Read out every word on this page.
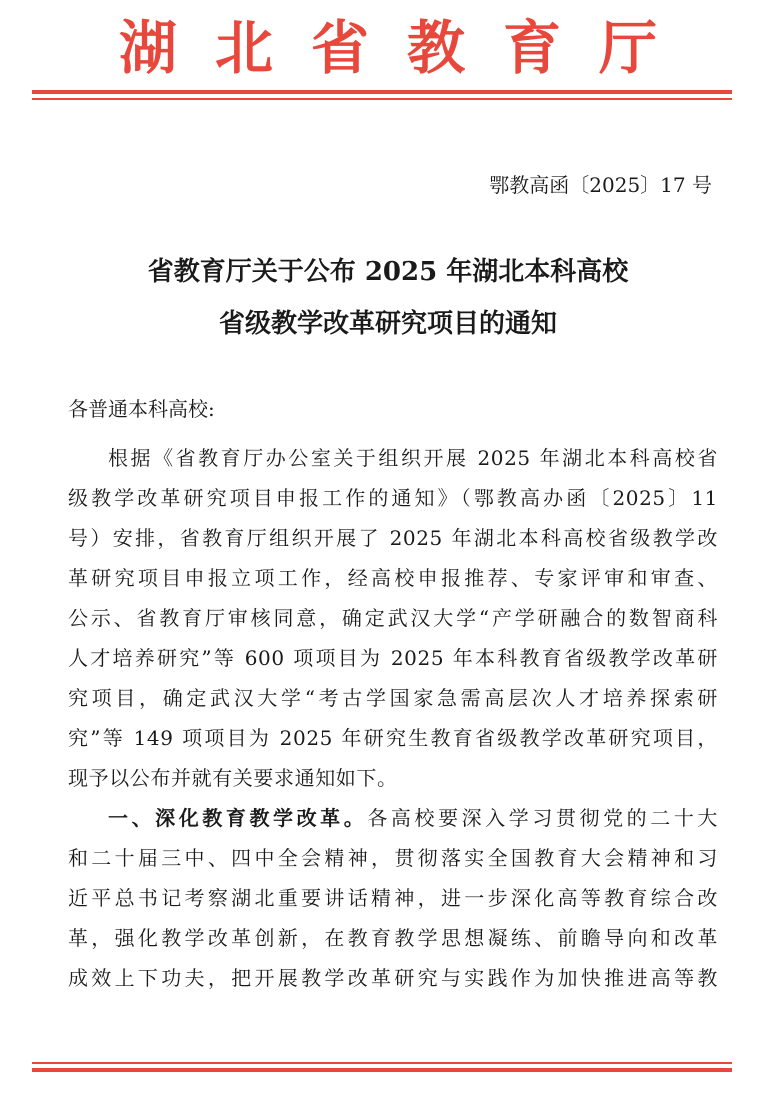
湖北省教育厅
鄂教高函〔2025〕17 号
省教育厅关于公布 2025 年湖北本科高校
省级教学改革研究项目的通知
各普通本科高校:
根据《省教育厅办公室关于组织开展 2025 年湖北本科高校省
级教学改革研究项目申报工作的通知》（鄂教高办函〔2025〕11
号）安排，省教育厅组织开展了 2025 年湖北本科高校省级教学改
革研究项目申报立项工作，经高校申报推荐、专家评审和审查、
公示、省教育厅审核同意，确定武汉大学“产学研融合的数智商科
人才培养研究”等 600 项项目为 2025 年本科教育省级教学改革研
究项目，确定武汉大学“考古学国家急需高层次人才培养探索研
究”等 149 项项目为 2025 年研究生教育省级教学改革研究项目，
现予以公布并就有关要求通知如下。
一、深化教育教学改革。各高校要深入学习贯彻党的二十大
和二十届三中、四中全会精神，贯彻落实全国教育大会精神和习
近平总书记考察湖北重要讲话精神，进一步深化高等教育综合改
革，强化教学改革创新，在教育教学思想凝练、前瞻导向和改革
成效上下功夫，把开展教学改革研究与实践作为加快推进高等教
